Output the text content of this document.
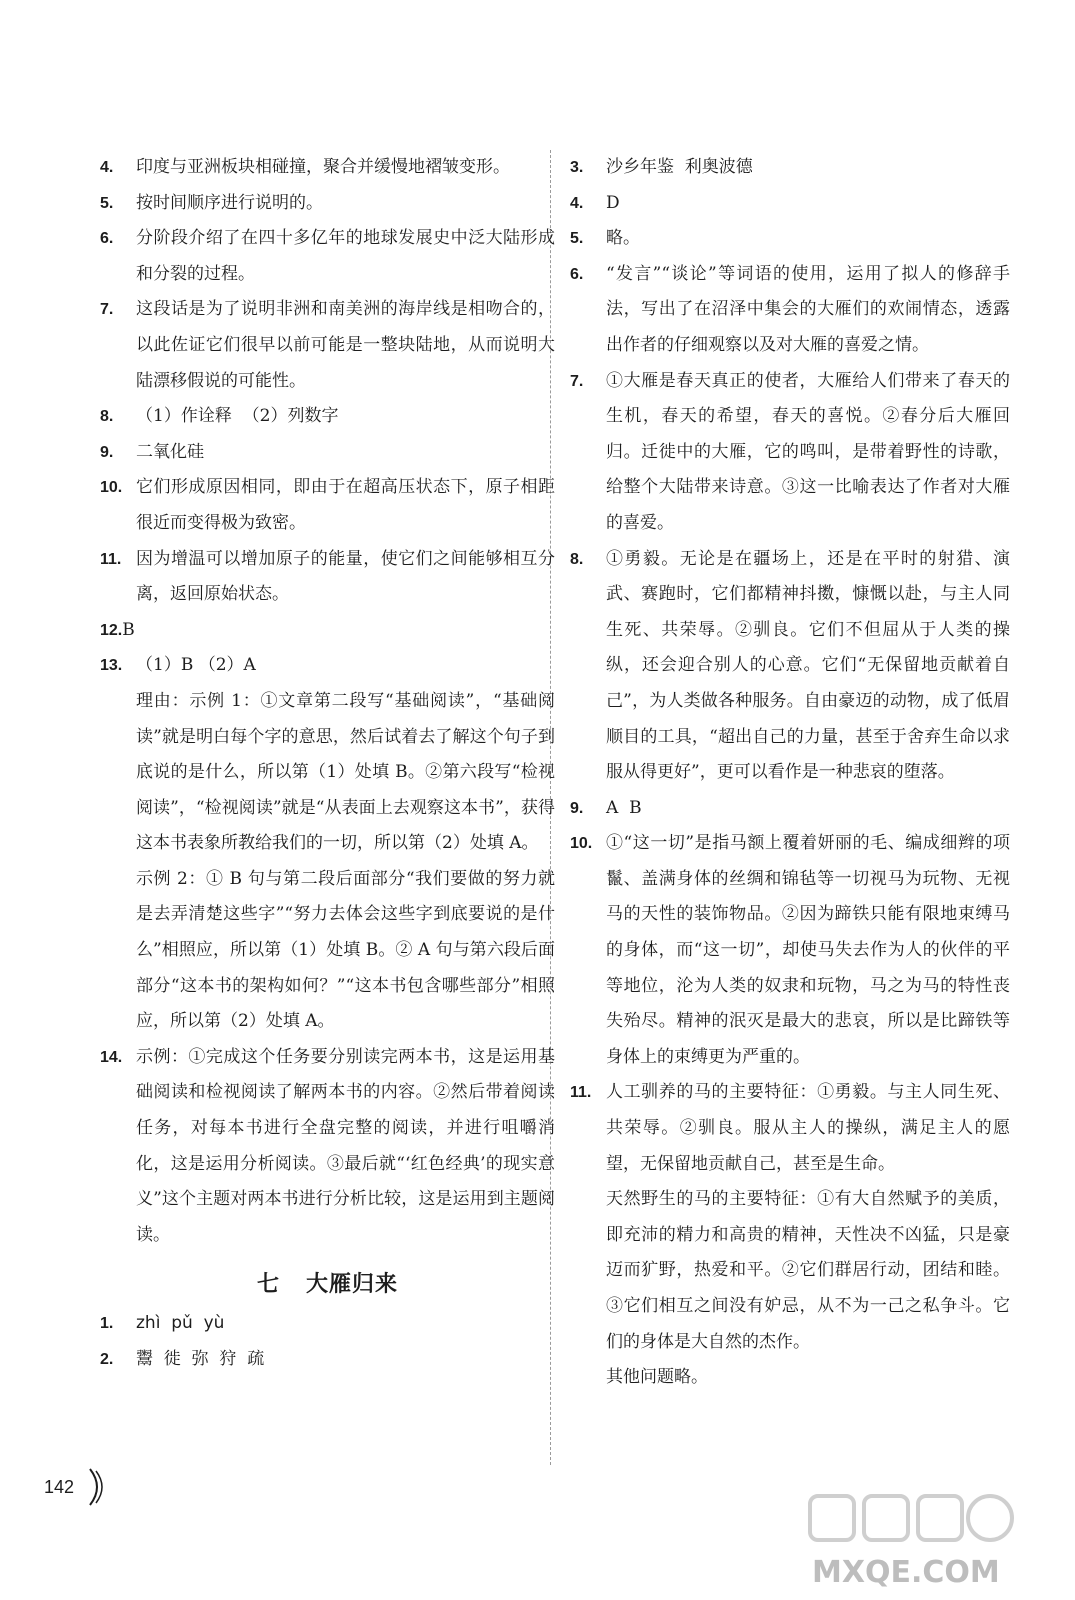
4. 印度与亚洲板块相碰撞，聚合并缓慢地褶皱变形。
5. 按时间顺序进行说明的。
6. 分阶段介绍了在四十多亿年的地球发展史中泛大陆形成和分裂的过程。
7. 这段话是为了说明非洲和南美洲的海岸线是相吻合的，以此佐证它们很早以前可能是一整块陆地，从而说明大陆漂移假说的可能性。
8. （1）作诠释  （2）列数字
9. 二氧化硅
10. 它们形成原因相同，即由于在超高压状态下，原子相距很近而变得极为致密。
11. 因为增温可以增加原子的能量，使它们之间能够相互分离，返回原始状态。
12.B
13. （1）B （2）A
理由：示例 1：①文章第二段写“基础阅读”，“基础阅读”就是明白每个字的意思，然后试着去了解这个句子到底说的是什么，所以第（1）处填 B。②第六段写“检视阅读”，“检视阅读”就是“从表面上去观察这本书”，获得这本书表象所教给我们的一切，所以第（2）处填 A。
示例 2：① B 句与第二段后面部分“我们要做的努力就是去弄清楚这些字”“努力去体会这些字到底要说的是什么”相照应，所以第（1）处填 B。② A 句与第六段后面部分“这本书的架构如何？”“这本书包含哪些部分”相照应，所以第（2）处填 A。
14. 示例：①完成这个任务要分别读完两本书，这是运用基础阅读和检视阅读了解两本书的内容。②然后带着阅读任务，对每本书进行全盘完整的阅读，并进行咀嚼消化，这是运用分析阅读。③最后就“‘红色经典’的现实意义”这个主题对两本书进行分析比较，这是运用到主题阅读。
七 大雁归来
1. zhì  pǔ  yù
2. 鬻  徙  弥  狩  疏
3. 沙乡年鉴  利奥波德
4. D
5. 略。
6. “发言”“谈论”等词语的使用，运用了拟人的修辞手法，写出了在沼泽中集会的大雁们的欢闹情态，透露出作者的仔细观察以及对大雁的喜爱之情。
7. ①大雁是春天真正的使者，大雁给人们带来了春天的生机，春天的希望，春天的喜悦。②春分后大雁回归。迁徙中的大雁，它的鸣叫，是带着野性的诗歌，给整个大陆带来诗意。③这一比喻表达了作者对大雁的喜爱。
8. ①勇毅。无论是在疆场上，还是在平时的射猎、演武、赛跑时，它们都精神抖擞，慷慨以赴，与主人同生死、共荣辱。②驯良。它们不但屈从于人类的操纵，还会迎合别人的心意。它们“无保留地贡献着自己”，为人类做各种服务。自由豪迈的动物，成了低眉顺目的工具，“超出自己的力量，甚至于舍弃生命以求服从得更好”，更可以看作是一种悲哀的堕落。
9. A  B
10. ①“这一切”是指马额上覆着妍丽的毛、编成细辫的项鬣、盖满身体的丝绸和锦毡等一切视马为玩物、无视马的天性的装饰物品。②因为蹄铁只能有限地束缚马的身体，而“这一切”，却使马失去作为人的伙伴的平等地位，沦为人类的奴隶和玩物，马之为马的特性丧失殆尽。精神的泯灭是最大的悲哀，所以是比蹄铁等身体上的束缚更为严重的。
11. 人工驯养的马的主要特征：①勇毅。与主人同生死、共荣辱。②驯良。服从主人的操纵，满足主人的愿望，无保留地贡献自己，甚至是生命。
天然野生的马的主要特征：①有大自然赋予的美质，即充沛的精力和高贵的精神，天性决不凶猛，只是豪迈而犷野，热爱和平。②它们群居行动，团结和睦。③它们相互之间没有妒忌，从不为一己之私争斗。它们的身体是大自然的杰作。
其他问题略。
142
MXQE.COM
